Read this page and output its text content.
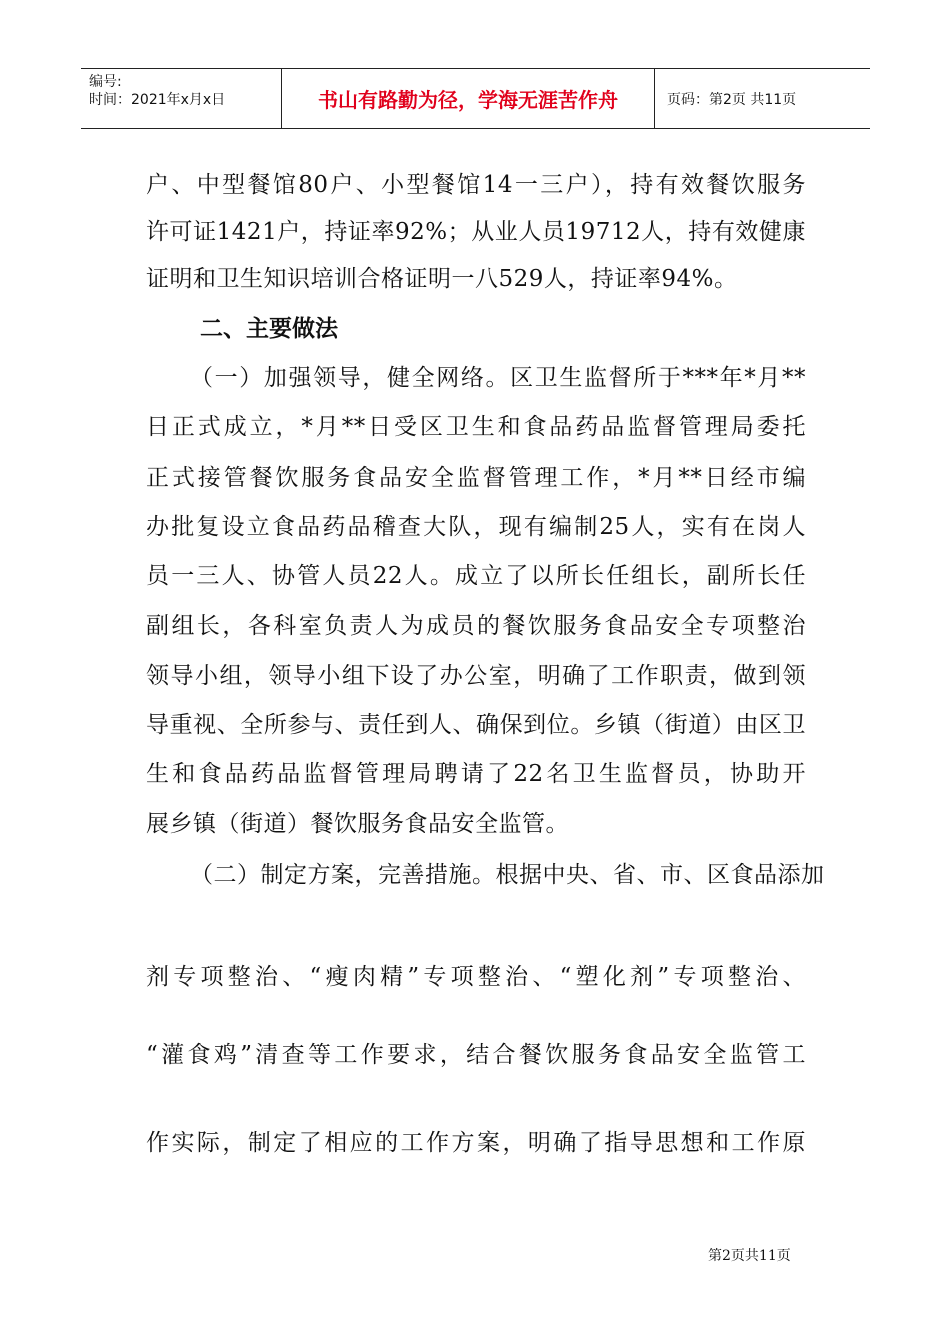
编号:
时间：2021年x月x日	书山有路勤为径，学海无涯苦作舟	页码：第2页 共11页
户、中型餐馆80户、小型餐馆14一三户），持有效餐饮服务
许可证1421户，持证率92%；从业人员19712人，持有效健康
证明和卫生知识培训合格证明一八529人，持证率94%。
二、主要做法
（一）加强领导，健全网络。区卫生监督所于***年*月**
日正式成立，*月**日受区卫生和食品药品监督管理局委托
正式接管餐饮服务食品安全监督管理工作，*月**日经市编
办批复设立食品药品稽查大队，现有编制25人，实有在岗人
员一三人、协管人员22人。成立了以所长任组长，副所长任
副组长，各科室负责人为成员的餐饮服务食品安全专项整治
领导小组，领导小组下设了办公室，明确了工作职责，做到领
导重视、全所参与、责任到人、确保到位。乡镇（街道）由区卫
生和食品药品监督管理局聘请了22名卫生监督员，协助开
展乡镇（街道）餐饮服务食品安全监管。
（二）制定方案，完善措施。根据中央、省、市、区食品添加
剂专项整治、“瘦肉精”专项整治、“塑化剂”专项整治、
“灌食鸡”清查等工作要求，结合餐饮服务食品安全监管工
作实际，制定了相应的工作方案，明确了指导思想和工作原
第2页共11页
